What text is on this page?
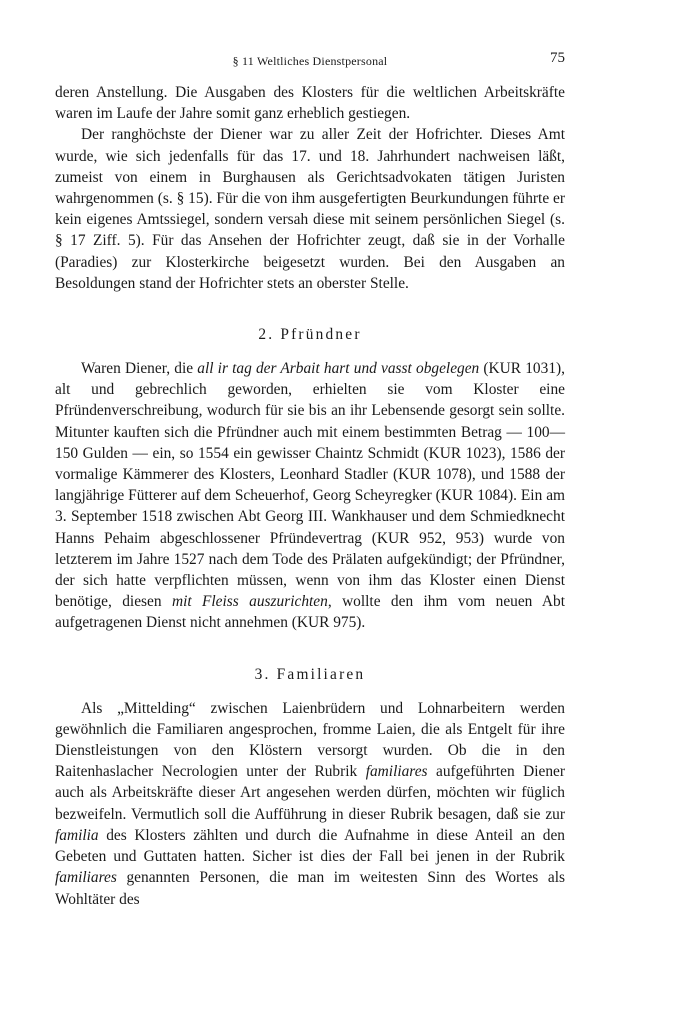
§ 11 Weltliches Dienstpersonal	75

deren Anstellung. Die Ausgaben des Klosters für die weltlichen Arbeitskräfte waren im Laufe der Jahre somit ganz erheblich gestiegen.

Der ranghöchste der Diener war zu aller Zeit der Hofrichter. Dieses Amt wurde, wie sich jedenfalls für das 17. und 18. Jahrhundert nachweisen läßt, zumeist von einem in Burghausen als Gerichtsadvokaten tätigen Juristen wahrgenommen (s. § 15). Für die von ihm ausgefertigten Beurkundungen führte er kein eigenes Amtssiegel, sondern versah diese mit seinem persönlichen Siegel (s. § 17 Ziff. 5). Für das Ansehen der Hofrichter zeugt, daß sie in der Vorhalle (Paradies) zur Klosterkirche beigesetzt wurden. Bei den Ausgaben an Besoldungen stand der Hofrichter stets an oberster Stelle.

2. Pfründner

Waren Diener, die all ir tag der Arbait hart und vasst obgelegen (KUR 1031), alt und gebrechlich geworden, erhielten sie vom Kloster eine Pfründenverschreibung, wodurch für sie bis an ihr Lebensende gesorgt sein sollte. Mitunter kauften sich die Pfründner auch mit einem bestimmten Betrag — 100—150 Gulden — ein, so 1554 ein gewisser Chaintz Schmidt (KUR 1023), 1586 der vormalige Kämmerer des Klosters, Leonhard Stadler (KUR 1078), und 1588 der langjährige Fütterer auf dem Scheuerhof, Georg Scheyregker (KUR 1084). Ein am 3. September 1518 zwischen Abt Georg III. Wankhauser und dem Schmiedknecht Hanns Pehaim abgeschlossener Pfründevertrag (KUR 952, 953) wurde von letzterem im Jahre 1527 nach dem Tode des Prälaten aufgekündigt; der Pfründner, der sich hatte verpflichten müssen, wenn von ihm das Kloster einen Dienst benötige, diesen mit Fleiss auszurichten, wollte den ihm vom neuen Abt aufgetragenen Dienst nicht annehmen (KUR 975).

3. Familiaren

Als „Mittelding“ zwischen Laienbrüdern und Lohnarbeitern werden gewöhnlich die Familiaren angesprochen, fromme Laien, die als Entgelt für ihre Dienstleistungen von den Klöstern versorgt wurden. Ob die in den Raitenhaslacher Necrologien unter der Rubrik familiares aufgeführten Diener auch als Arbeitskräfte dieser Art angesehen werden dürfen, möchten wir füglich bezweifeln. Vermutlich soll die Aufführung in dieser Rubrik besagen, daß sie zur familia des Klosters zählten und durch die Aufnahme in diese Anteil an den Gebeten und Guttaten hatten. Sicher ist dies der Fall bei jenen in der Rubrik familiares genannten Personen, die man im weitesten Sinn des Wortes als Wohltäter des
